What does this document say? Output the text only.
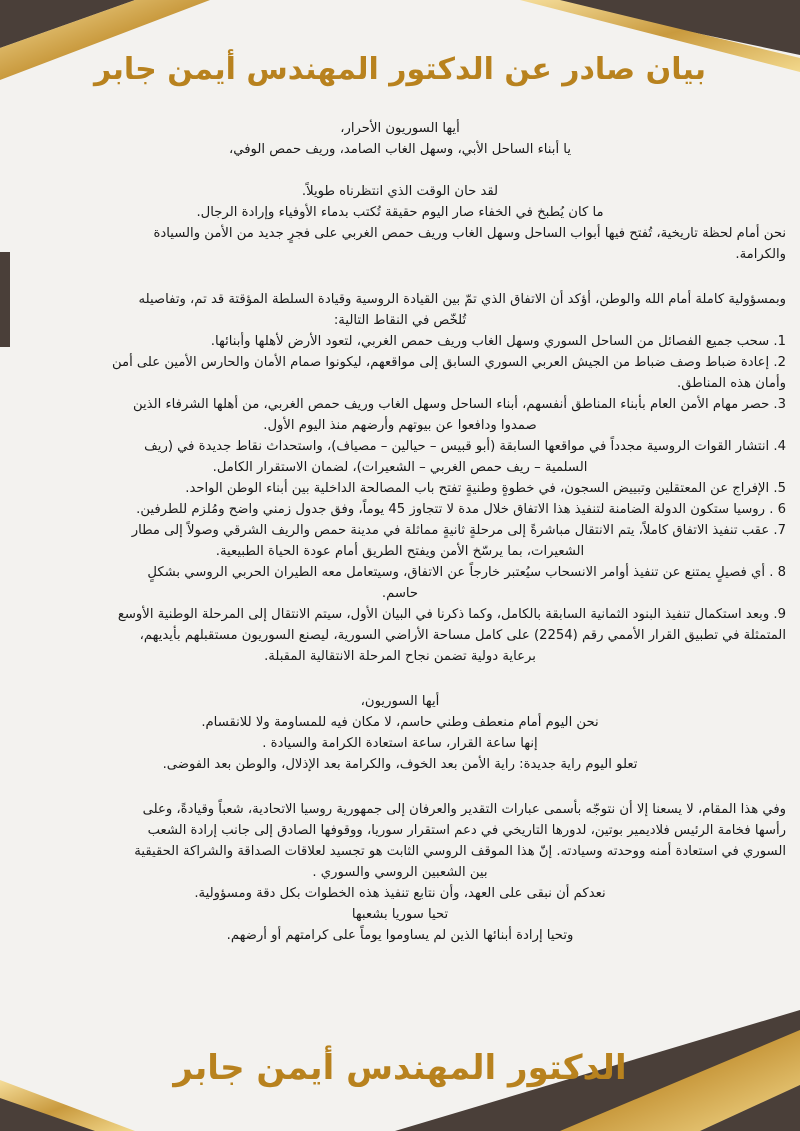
بيان صادر عن الدكتور المهندس أيمن جابر

أيها السوريون الأحرار،

يا أبناء الساحل الأبي، وسهل الغاب الصامد، وريف حمص الوفي،

لقد حان الوقت الذي انتظرناه طويلاً.

ما كان يُطبخ في الخفاء صار اليوم حقيقة تُكتب بدماء الأوفياء وإرادة الرجال.

نحن أمام لحظة تاريخية، تُفتح فيها أبواب الساحل وسهل الغاب وريف حمص الغربي على فجرٍ جديد من الأمن والسيادة

والكرامة.

وبمسؤولية كاملة أمام الله والوطن، أؤكد أن الاتفاق الذي تمّ بين القيادة الروسية وقيادة السلطة المؤقتة قد تم، وتفاصيله

تُلخّص في النقاط التالية:

1. سحب جميع الفصائل من الساحل السوري وسهل الغاب وريف حمص الغربي، لتعود الأرض لأهلها وأبنائها.

2. إعادة ضباط وصف ضباط من الجيش العربي السوري السابق إلى مواقعهم، ليكونوا صمام الأمان والحارس الأمين على أمن

وأمان هذه المناطق.

3. حصر مهام الأمن العام بأبناء المناطق أنفسهم، أبناء الساحل وسهل الغاب وريف حمص الغربي، من أهلها الشرفاء الذين

صمدوا ودافعوا عن بيوتهم وأرضهم منذ اليوم الأول.

4. انتشار القوات الروسية مجدداً في مواقعها السابقة (أبو قبيس – حيالين – مصياف)، واستحداث نقاط جديدة في (ريف

السلمية – ريف حمص الغربي – الشعيرات)، لضمان الاستقرار الكامل.

5. الإفراج عن المعتقلين وتبييض السجون، في خطوةٍ وطنيةٍ تفتح باب المصالحة الداخلية بين أبناء الوطن الواحد.

6 . روسيا ستكون الدولة الضامنة لتنفيذ هذا الاتفاق خلال مدة لا تتجاوز 45 يوماً، وفق جدول زمني واضح ومُلزم للطرفين.

7. عقب تنفيذ الاتفاق كاملاً، يتم الانتقال مباشرةً إلى مرحلةٍ ثانيةٍ مماثلة في مدينة حمص والريف الشرقي وصولاً إلى مطار

الشعيرات، بما يرسّخ الأمن ويفتح الطريق أمام عودة الحياة الطبيعية.

8 . أي فصيلٍ يمتنع عن تنفيذ أوامر الانسحاب سيُعتبر خارجاً عن الاتفاق، وسيتعامل معه الطيران الحربي الروسي بشكلٍ

حاسم.

9. وبعد استكمال تنفيذ البنود الثمانية السابقة بالكامل، وكما ذكرنا في البيان الأول، سيتم الانتقال إلى المرحلة الوطنية الأوسع

المتمثلة في تطبيق القرار الأممي رقم (2254) على كامل مساحة الأراضي السورية، ليصنع السوريون مستقبلهم بأيديهم،

برعاية دولية تضمن نجاح المرحلة الانتقالية المقبلة.

أيها السوريون،

نحن اليوم أمام منعطف وطني حاسم، لا مكان فيه للمساومة ولا للانقسام.

إنها ساعة القرار، ساعة استعادة الكرامة والسيادة .

تعلو اليوم راية جديدة: راية الأمن بعد الخوف، والكرامة بعد الإذلال، والوطن بعد الفوضى.

وفي هذا المقام، لا يسعنا إلا أن نتوجّه بأسمى عبارات التقدير والعرفان إلى جمهورية روسيا الاتحادية، شعباً وقيادةً، وعلى

رأسها فخامة الرئيس فلاديمير بوتين، لدورها التاريخي في دعم استقرار سوريا، ووقوفها الصادق إلى جانب إرادة الشعب

السوري في استعادة أمنه ووحدته وسيادته. إنّ هذا الموقف الروسي الثابت هو تجسيد لعلاقات الصداقة والشراكة الحقيقية

بين الشعبين الروسي والسوري .

نعدكم أن نبقى على العهد، وأن نتابع تنفيذ هذه الخطوات بكل دقة ومسؤولية.

تحيا سوريا بشعبها

وتحيا إرادة أبنائها الذين لم يساوموا يوماً على كرامتهم أو أرضهم.

الدكتور المهندس أيمن جابر
